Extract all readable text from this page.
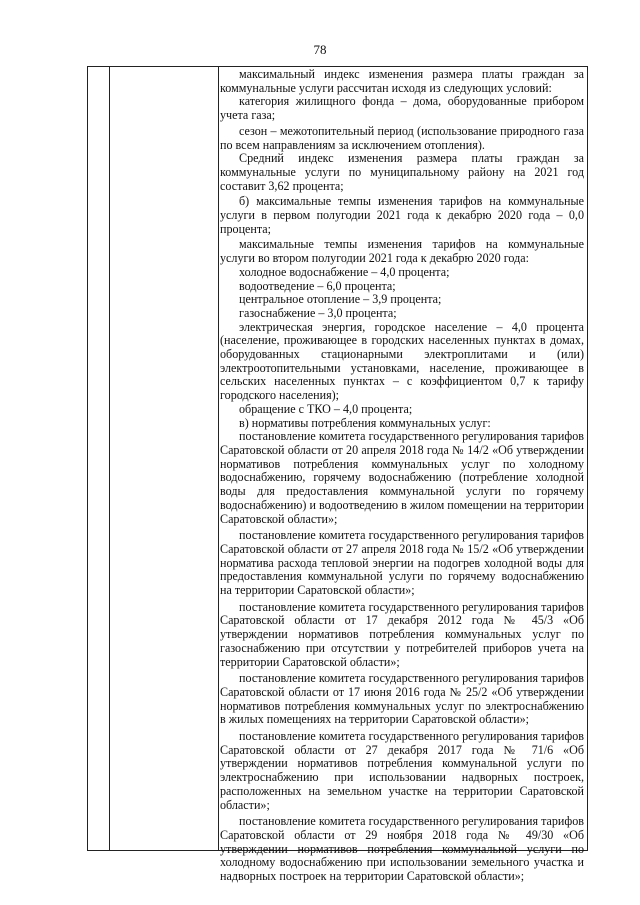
78

максимальный индекс изменения размера платы граждан за коммунальные услуги рассчитан исходя из следующих условий:

категория жилищного фонда – дома, оборудованные прибором учета газа;

сезон – межотопительный период (использование природного газа по всем направлениям за исключением отопления).

Средний индекс изменения размера платы граждан за коммунальные услуги по муниципальному району на 2021 год составит 3,62 процента;

б) максимальные темпы изменения тарифов на коммунальные услуги в первом полугодии 2021 года к декабрю 2020 года – 0,0 процента;

максимальные темпы изменения тарифов на коммунальные услуги во втором полугодии 2021 года к декабрю 2020 года:

холодное водоснабжение – 4,0 процента;

водоотведение – 6,0 процента;

центральное отопление – 3,9 процента;

газоснабжение – 3,0 процента;

электрическая энергия, городское население – 4,0 процента (население, проживающее в городских населенных пунктах в домах, оборудованных стационарными электроплитами и (или) электроотопительными установками, население, проживающее в сельских населенных пунктах – с коэффициентом 0,7 к тарифу городского населения);

обращение с ТКО – 4,0 процента;

в) нормативы потребления коммунальных услуг:

постановление комитета государственного регулирования тарифов Саратовской области от 20 апреля 2018 года № 14/2 «Об утверждении нормативов потребления коммунальных услуг по холодному водоснабжению, горячему водоснабжению (потребление холодной воды для предоставления коммунальной услуги по горячему водоснабжению) и водоотведению в жилом помещении на территории Саратовской области»;

постановление комитета государственного регулирования тарифов Саратовской области от 27 апреля 2018 года № 15/2 «Об утверждении норматива расхода тепловой энергии на подогрев холодной воды для предоставления коммунальной услуги по горячему водоснабжению на территории Саратовской области»;

постановление комитета государственного регулирования тарифов Саратовской области от 17 декабря 2012 года № 45/3 «Об утверждении нормативов потребления коммунальных услуг по газоснабжению при отсутствии у потребителей приборов учета на территории Саратовской области»;

постановление комитета государственного регулирования тарифов Саратовской области от 17 июня 2016 года № 25/2 «Об утверждении нормативов потребления коммунальных услуг по электроснабжению в жилых помещениях на территории Саратовской области»;

постановление комитета государственного регулирования тарифов Саратовской области от 27 декабря 2017 года № 71/6 «Об утверждении нормативов потребления коммунальной услуги по электроснабжению при использовании надворных построек, расположенных на земельном участке на территории Саратовской области»;

постановление комитета государственного регулирования тарифов Саратовской области от 29 ноября 2018 года № 49/30 «Об утверждении нормативов потребления коммунальной услуги по холодному водоснабжению при использовании земельного участка и надворных построек на территории Саратовской области»;
